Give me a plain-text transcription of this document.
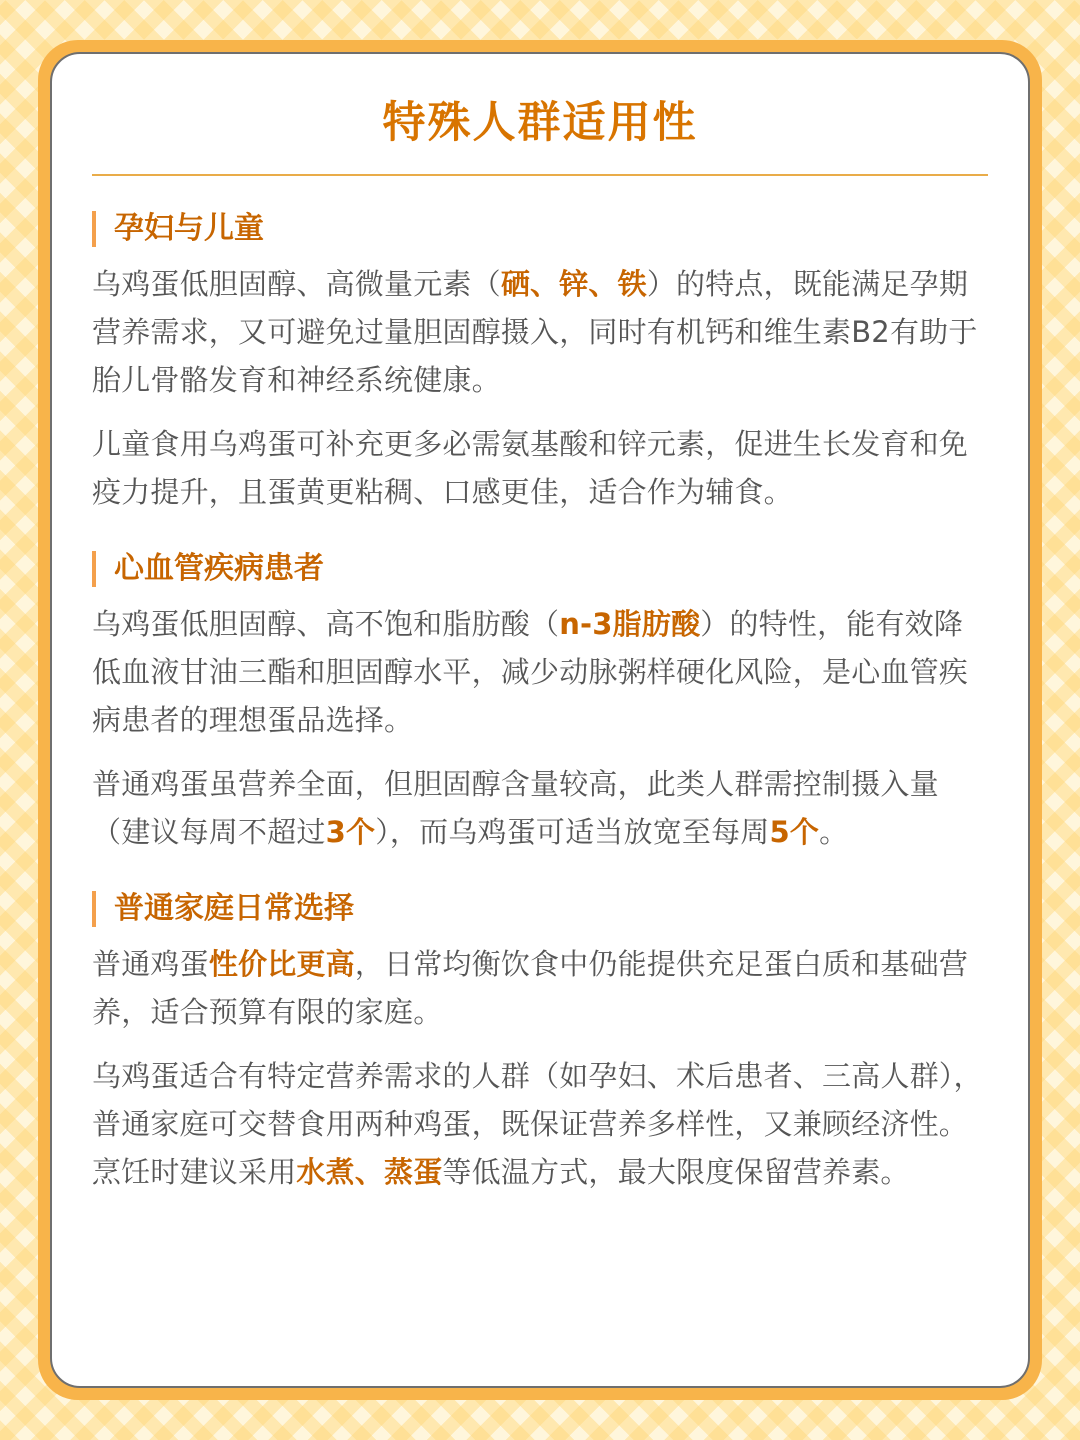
特殊人群适用性
孕妇与儿童

乌鸡蛋低胆固醇、高微量元素（硒、锌、铁）的特点，既能满足孕期营养需求，又可避免过量胆固醇摄入，同时有机钙和维生素B2有助于胎儿骨骼发育和神经系统健康。

儿童食用乌鸡蛋可补充更多必需氨基酸和锌元素，促进生长发育和免疫力提升，且蛋黄更粘稠、口感更佳，适合作为辅食。

心血管疾病患者

乌鸡蛋低胆固醇、高不饱和脂肪酸（n-3脂肪酸）的特性，能有效降低血液甘油三酯和胆固醇水平，减少动脉粥样硬化风险，是心血管疾病患者的理想蛋品选择。

普通鸡蛋虽营养全面，但胆固醇含量较高，此类人群需控制摄入量（建议每周不超过3个），而乌鸡蛋可适当放宽至每周5个。

普通家庭日常选择

普通鸡蛋性价比更高，日常均衡饮食中仍能提供充足蛋白质和基础营养，适合预算有限的家庭。

乌鸡蛋适合有特定营养需求的人群（如孕妇、术后患者、三高人群），普通家庭可交替食用两种鸡蛋，既保证营养多样性，又兼顾经济性。烹饪时建议采用水煮、蒸蛋等低温方式，最大限度保留营养素。
